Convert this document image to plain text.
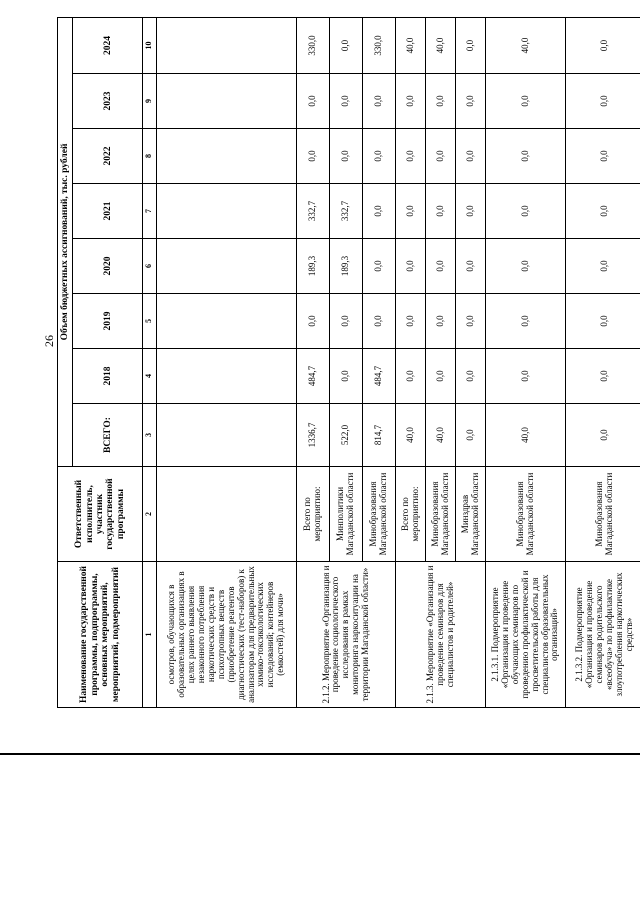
26
Наименование государственной программы, подпрограммы, основных мероприятий, мероприятий, подмероприятий	Ответственный исполнитель, участник государственной программы	Объем бюджетных ассигнований, тыс. рублей							
		ВСЕГО:	2018	2019	2020	2021	2022	2023	2024
1	2	3	4	5	6	7	8	9	10
осмотров, обучающихся в образовательных организациях в целях раннего выявления незаконного потребления наркотических средств и психотропных веществ (приобретение реагентов диагностических (тест-наборов) к анализаторам для предварительных химико-токсикологических исследований; контейнеров (емкостей) для мочи»									
2.1.2. Мероприятие «Организация и проведение социологического исследования в рамках мониторинга наркоситуации на территории Магаданской области»	Всего по мероприятию:	1336,7	484,7	0,0	189,3	332,7	0,0	0,0	330,0
	Минполитики Магаданской области	522,0	0,0	0,0	189,3	332,7	0,0	0,0	0,0
	Минобразования Магаданской области	814,7	484,7	0,0	0,0	0,0	0,0	0,0	330,0
2.1.3. Мероприятие «Организация и проведение семинаров для специалистов и родителей»	Всего по мероприятию:	40,0	0,0	0,0	0,0	0,0	0,0	0,0	40,0
	Минобразования Магаданской области	40,0	0,0	0,0	0,0	0,0	0,0	0,0	40,0
	Минздрав Магаданской области	0,0	0,0	0,0	0,0	0,0	0,0	0,0	0,0
2.1.3.1. Подмероприятие «Организация и проведение обучающих семинаров по проведению профилактической и просветительской работы для специалистов образовательных организаций»	Минобразования Магаданской области	40,0	0,0	0,0	0,0	0,0	0,0	0,0	40,0
2.1.3.2. Подмероприятие «Организация и проведение семинаров родительского «всеобуча» по профилактике злоупотребления наркотических средств»	Минобразования Магаданской области	0,0	0,0	0,0	0,0	0,0	0,0	0,0	0,0
